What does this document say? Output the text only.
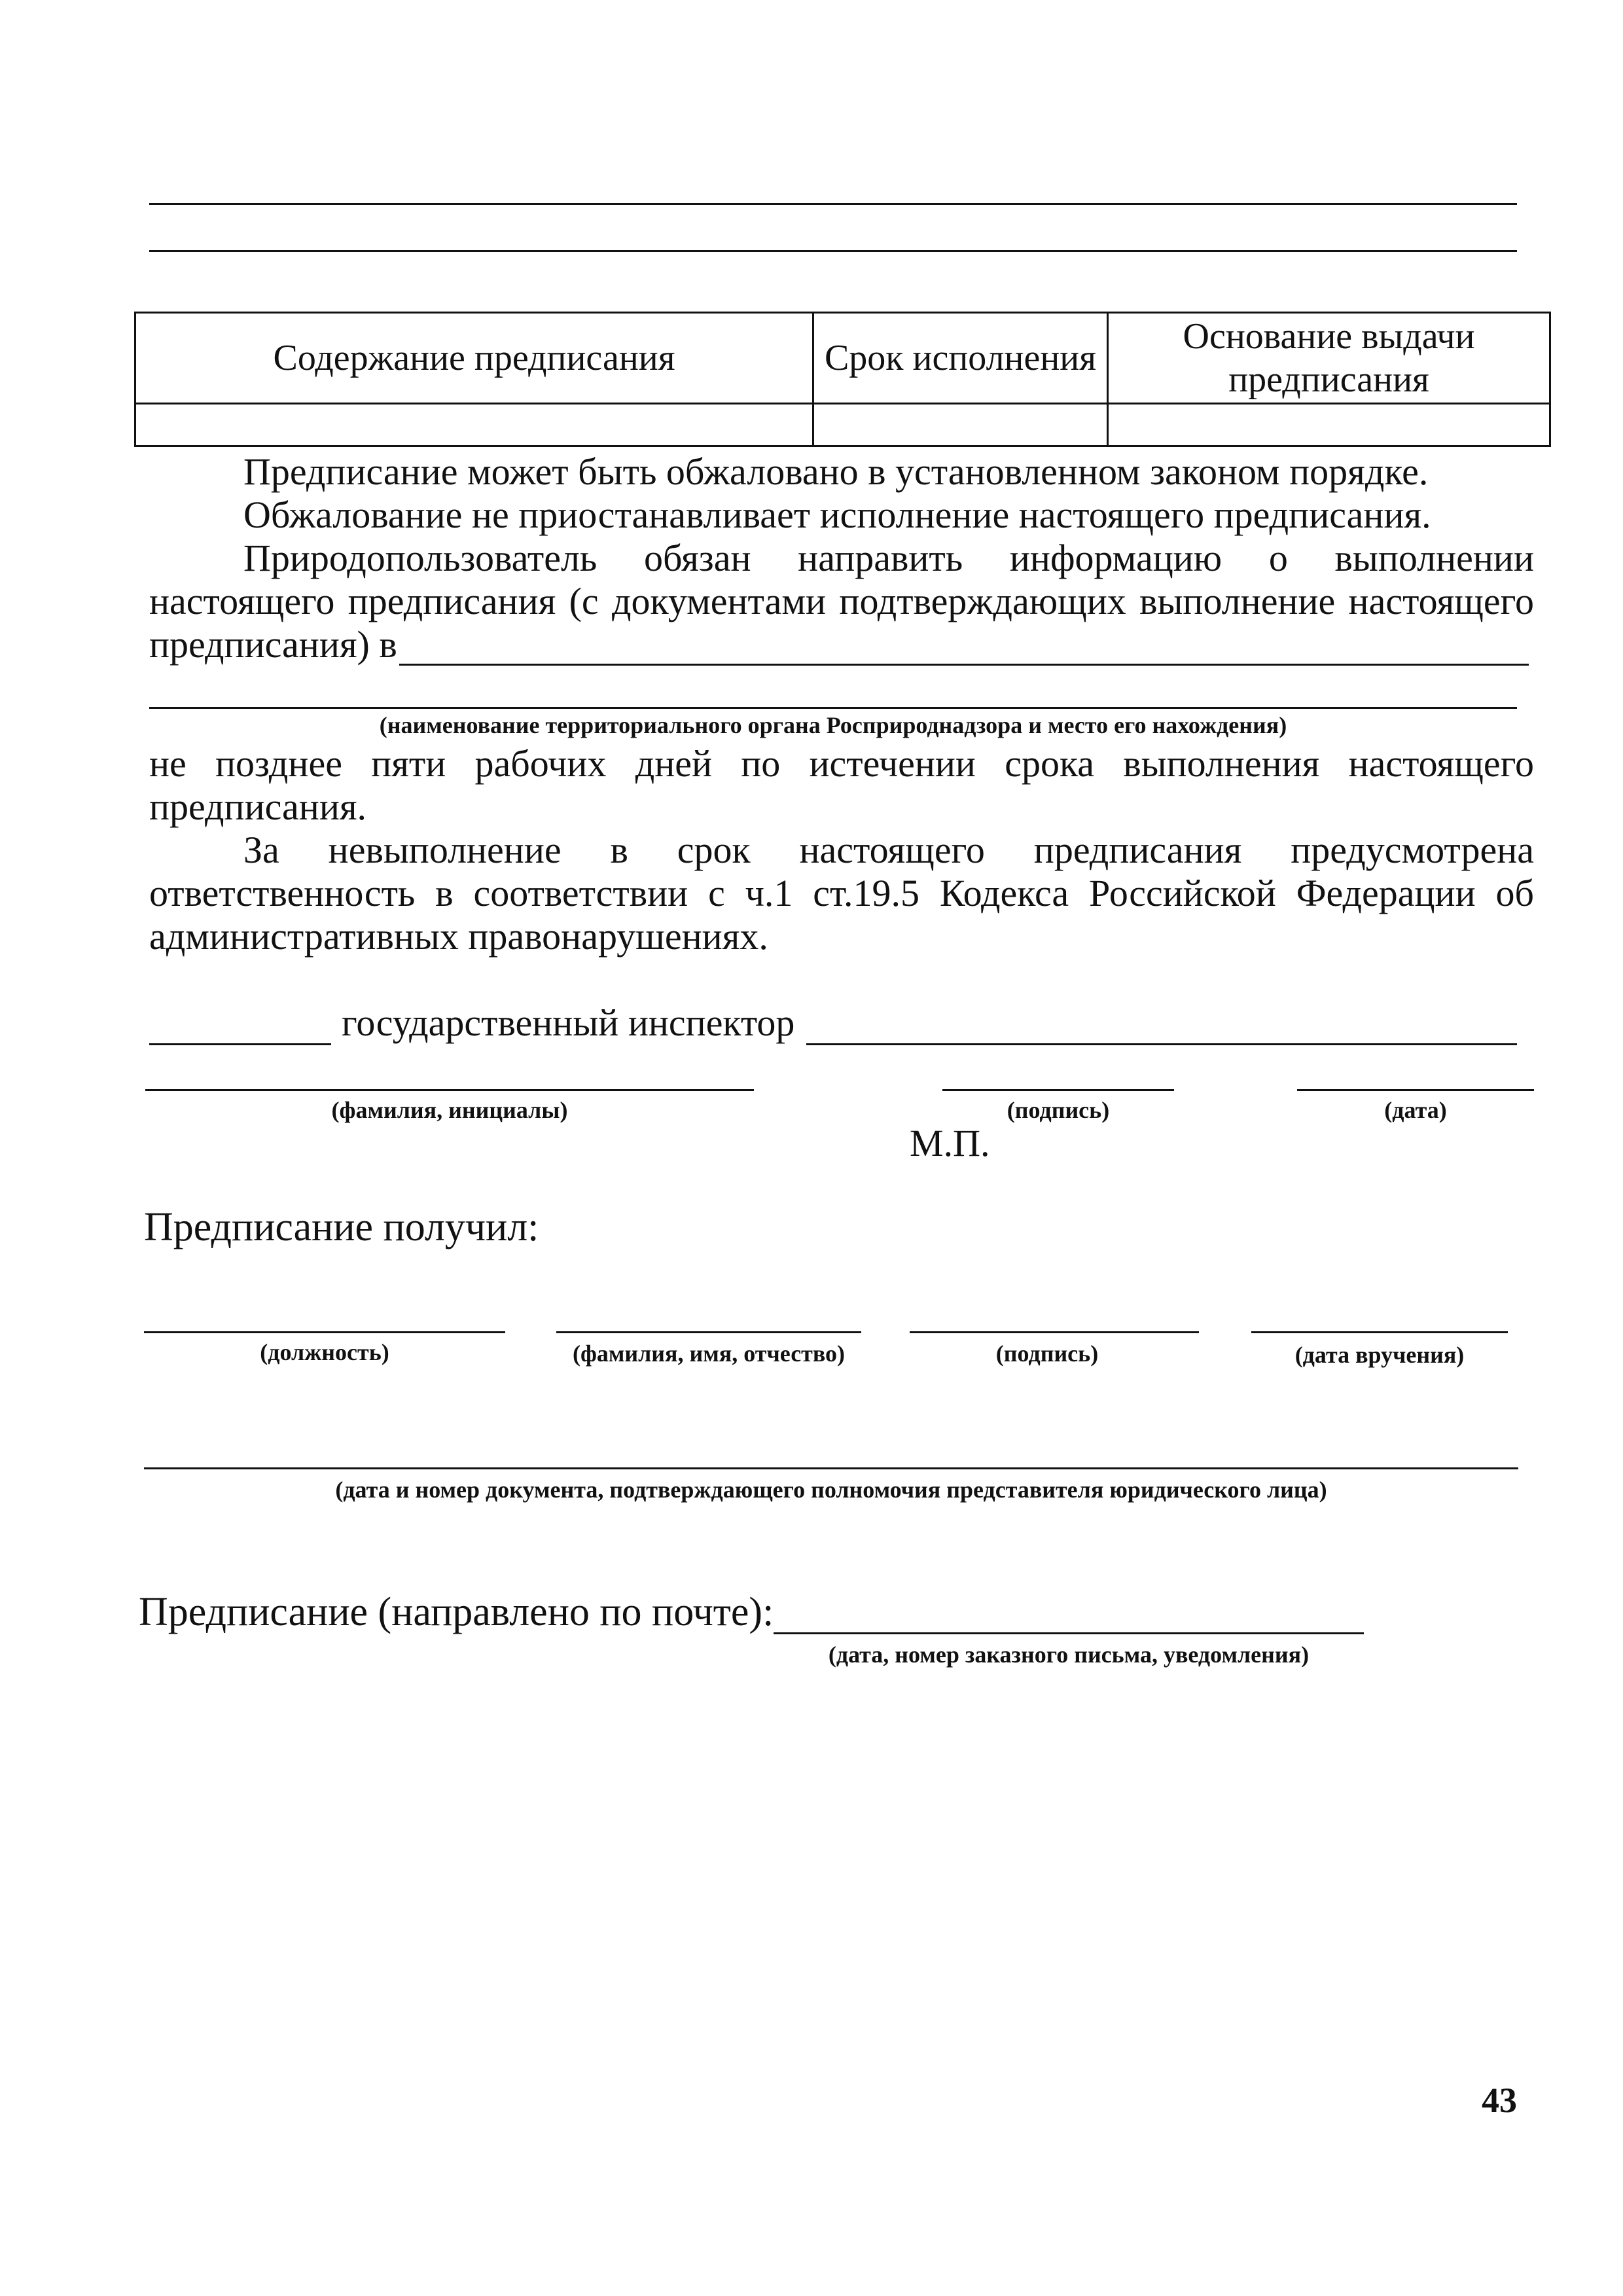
Содержание предписания	Срок исполнения	Основание выдачи предписания

Предписание может быть обжаловано в установленном законом порядке.
Обжалование не приостанавливает исполнение настоящего предписания.
Природопользователь обязан направить информацию о выполнении
настоящего предписания (с документами подтверждающих выполнение настоящего
предписания) в
(наименование территориального органа Росприроднадзора и место его нахождения)
не позднее пяти рабочих дней по истечении срока выполнения настоящего
предписания.
За невыполнение в срок настоящего предписания предусмотрена
ответственность в соответствии с ч.1 ст.19.5 Кодекса Российской Федерации об
административных правонарушениях.
государственный инспектор
(фамилия, инициалы)	(подпись)	(дата)
М.П.
Предписание получил:
(должность)	(фамилия, имя, отчество)	(подпись)	(дата вручения)
(дата и номер документа, подтверждающего полномочия представителя юридического лица)
Предписание (направлено по почте):
(дата, номер заказного письма, уведомления)
43
